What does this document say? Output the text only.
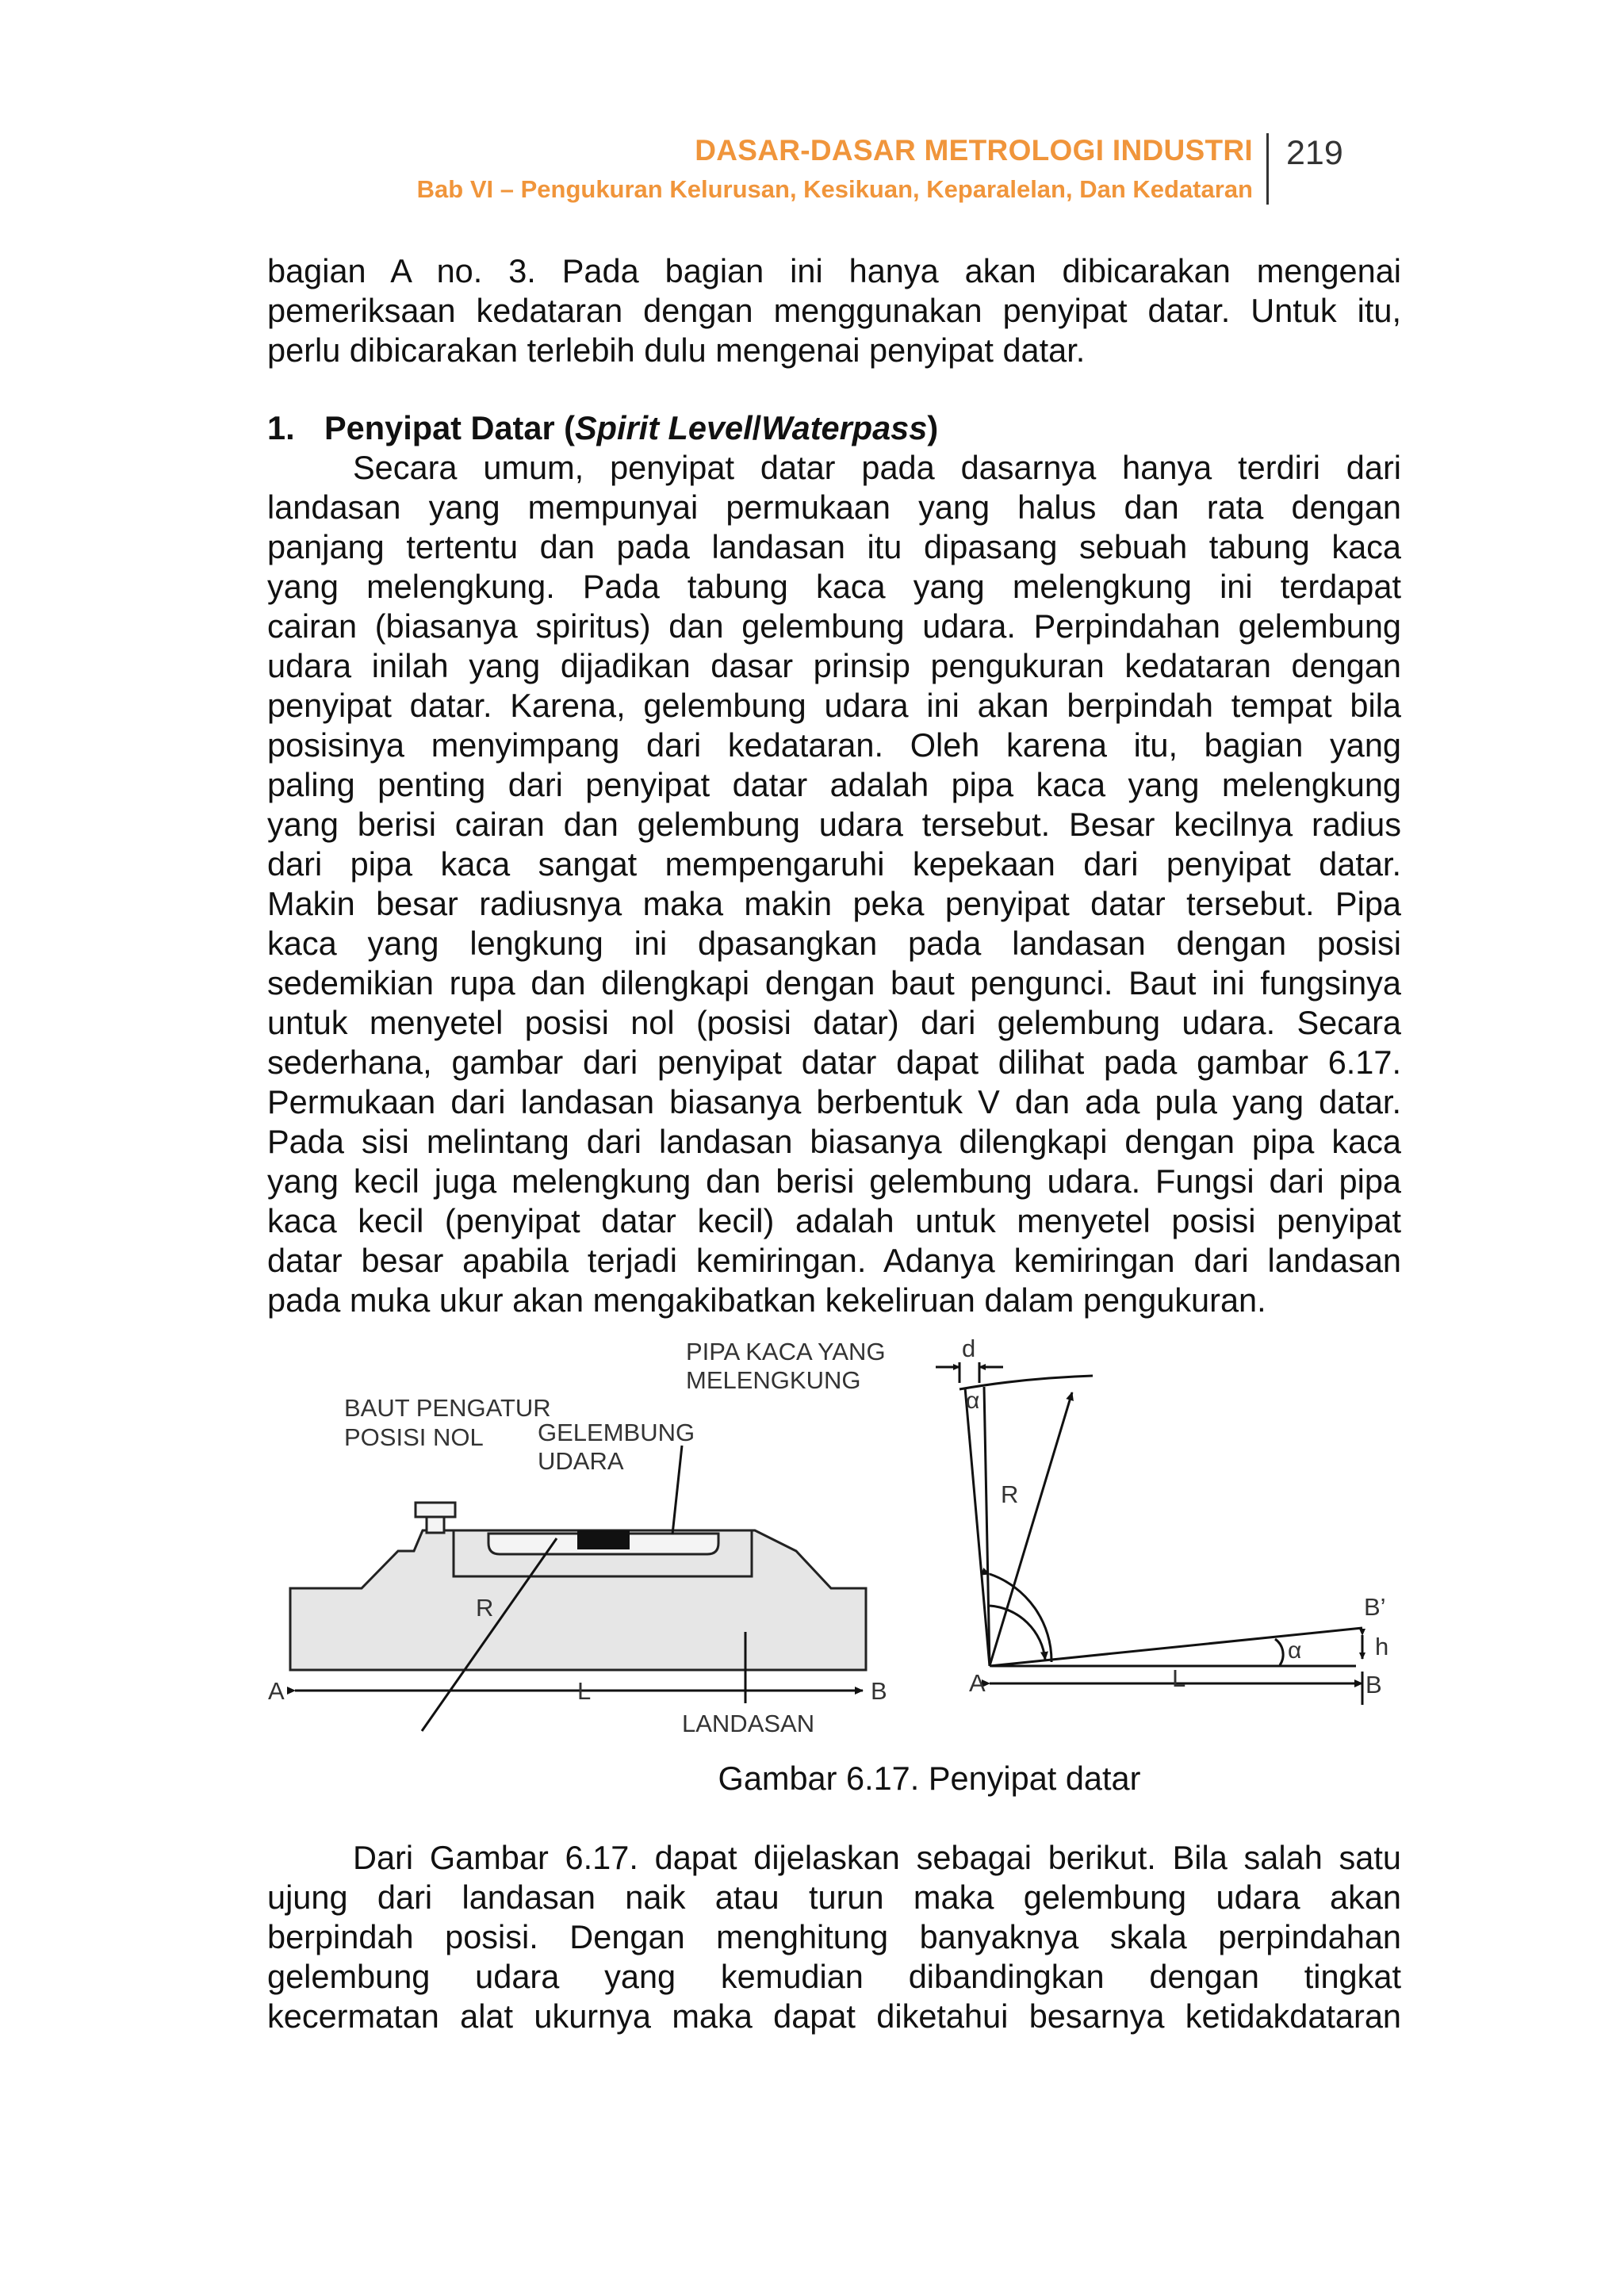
DASAR-DASAR METROLOGI INDUSTRI
Bab VI – Pengukuran Kelurusan, Kesikuan, Keparalelan, Dan Kedataran
219
bagian A no. 3. Pada bagian ini hanya akan dibicarakan mengenai
pemeriksaan kedataran dengan menggunakan penyipat datar. Untuk itu,
perlu dibicarakan terlebih dulu mengenai penyipat datar.
1. Penyipat Datar (Spirit Level/Waterpass)
Secara umum, penyipat datar pada dasarnya hanya terdiri dari
landasan yang mempunyai permukaan yang halus dan rata dengan
panjang tertentu dan pada landasan itu dipasang sebuah tabung kaca
yang melengkung. Pada tabung kaca yang melengkung ini terdapat
cairan (biasanya spiritus) dan gelembung udara. Perpindahan gelembung
udara inilah yang dijadikan dasar prinsip pengukuran kedataran dengan
penyipat datar. Karena, gelembung udara ini akan berpindah tempat bila
posisinya menyimpang dari kedataran. Oleh karena itu, bagian yang
paling penting dari penyipat datar adalah pipa kaca yang melengkung
yang berisi cairan dan gelembung udara tersebut. Besar kecilnya radius
dari pipa kaca sangat mempengaruhi kepekaan dari penyipat datar.
Makin besar radiusnya maka makin peka penyipat datar tersebut. Pipa
kaca yang lengkung ini dpasangkan pada landasan dengan posisi
sedemikian rupa dan dilengkapi dengan baut pengunci. Baut ini fungsinya
untuk menyetel posisi nol (posisi datar) dari gelembung udara. Secara
sederhana, gambar dari penyipat datar dapat dilihat pada gambar 6.17.
Permukaan dari landasan biasanya berbentuk V dan ada pula yang datar.
Pada sisi melintang dari landasan biasanya dilengkapi dengan pipa kaca
yang kecil juga melengkung dan berisi gelembung udara. Fungsi dari pipa
kaca kecil (penyipat datar kecil) adalah untuk menyetel posisi penyipat
datar besar apabila terjadi kemiringan. Adanya kemiringan dari landasan
pada muka ukur akan mengakibatkan kekeliruan dalam pengukuran.
PIPA KACA YANG
MELENGKUNG
BAUT PENGATUR
POSISI NOL GELEMBUNG
UDARA
R
A	L	B
LANDASAN
d
α
R
B’
α	h
A	L	B
Gambar 6.17. Penyipat datar
Dari Gambar 6.17. dapat dijelaskan sebagai berikut. Bila salah satu
ujung dari landasan naik atau turun maka gelembung udara akan
berpindah posisi. Dengan menghitung banyaknya skala perpindahan
gelembung udara yang kemudian dibandingkan dengan tingkat
kecermatan alat ukurnya maka dapat diketahui besarnya ketidakdataran
